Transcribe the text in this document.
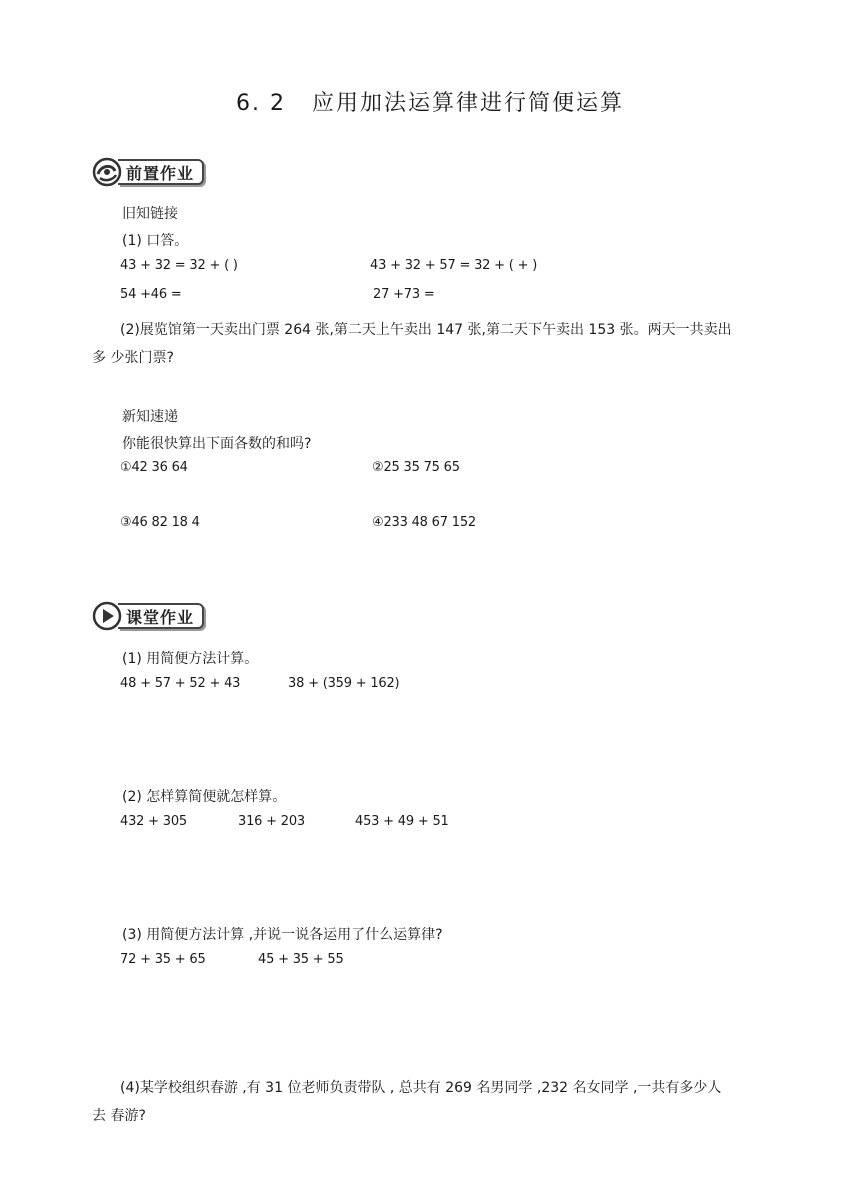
6. 2 应用加法运算律进行简便运算
前置作业
旧知链接
(1) 口答。
43 + 32 = 32 + ( )	43 + 32 + 57 = 32 + ( + )
54 +46 =	27 +73 =
(2)展览馆第一天卖出门票 264 张,第二天上午卖出 147 张,第二天下午卖出 153 张。两天一共卖出
多 少张门票?
新知速递
你能很快算出下面各数的和吗?
①42 36 64	②25 35 75 65
③46 82 18 4	④233 48 67 152
课堂作业
(1) 用简便方法计算。
48 + 57 + 52 + 43	38 + (359 + 162)
(2) 怎样算简便就怎样算。
432 + 305	316 + 203	453 + 49 + 51
(3) 用简便方法计算 ,并说一说各运用了什么运算律?
72 + 35 + 65	45 + 35 + 55
(4)某学校组织春游 ,有 31 位老师负责带队 , 总共有 269 名男同学 ,232 名女同学 ,一共有多少人
去 春游?
